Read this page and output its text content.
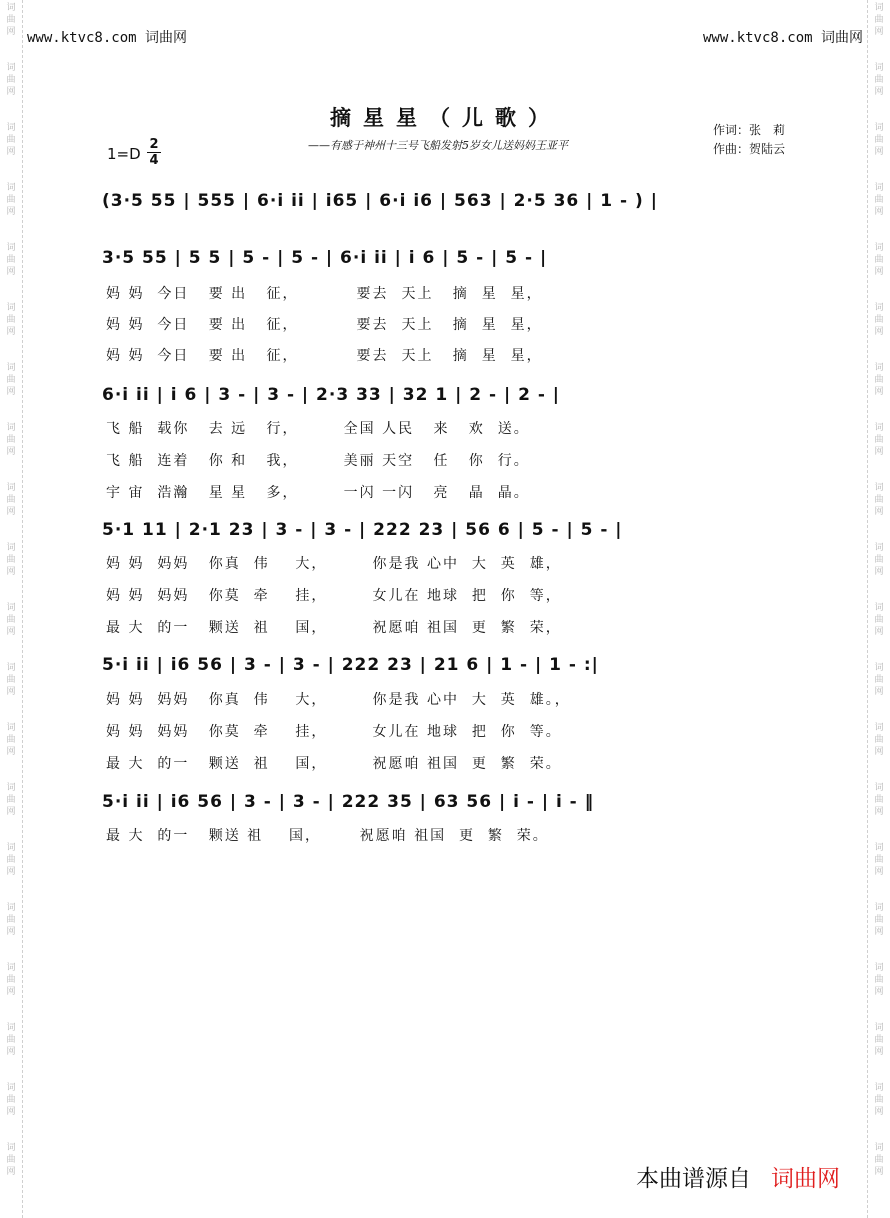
词
曲
网
词
曲
网
词
曲
网
词
曲
网
词
曲
网
词
曲
网
词
曲
网
词
曲
网
词
曲
网
词
曲
网
词
曲
网
词
曲
网
词
曲
网
词
曲
网
词
曲
网
词
曲
网
词
曲
网
词
曲
网
词
曲
网
词
曲
网
词
曲
网
词
曲
网
词
曲
网
词
曲
网
词
曲
网
词
曲
网
词
曲
网
词
曲
网
词
曲
网
词
曲
网
词
曲
网
词
曲
网
词
曲
网
词
曲
网
词
曲
网
词
曲
网
词
曲
网
词
曲
网
词
曲
网
词
曲
网
www.ktvc8.com 词曲网	www.ktvc8.com 词曲网
摘星星（儿歌）
——有感于神州十三号飞船发射5岁女儿送妈妈王亚平
作词：张　莉
作曲：贺陆云
1=D
2
4
(3·5 55 | 555 | 6·i ii | i65 | 6·i i6 | 563 | 2·5 36 | 1 - ) |
3·5 55 | 5 5 | 5 - | 5 - | 6·i ii | i 6 | 5 - | 5 - |
妈 妈  今日   要 出   征，         要去  天上   摘  星  星，
妈 妈  今日   要 出   征，         要去  天上   摘  星  星，
妈 妈  今日   要 出   征，         要去  天上   摘  星  星，
6·i ii | i 6 | 3 - | 3 - | 2·3 33 | 32 1 | 2 - | 2 - |
飞 船  载你   去 远   行，       全国 人民   来   欢  送。
飞 船  连着   你 和   我，       美丽 天空   任   你  行。
宇 宙  浩瀚   星 星   多，       一闪 一闪   亮   晶  晶。
5·1 11 | 2·1 23 | 3 - | 3 - | 222 23 | 56 6 | 5 - | 5 - |
妈 妈  妈妈   你真  伟    大，       你是我 心中  大  英  雄，
妈 妈  妈妈   你莫  牵    挂，       女儿在 地球  把  你  等，
最 大  的一   颗送  祖    国，       祝愿咱 祖国  更  繁  荣，
5·i ii | i6 56 | 3 - | 3 - | 222 23 | 21 6 | 1 - | 1 - :|
妈 妈  妈妈   你真  伟    大，       你是我 心中  大  英  雄。，
妈 妈  妈妈   你莫  牵    挂，       女儿在 地球  把  你  等。
最 大  的一   颗送  祖    国，       祝愿咱 祖国  更  繁  荣。
5·i ii | i6 56 | 3 - | 3 - | 222 35 | 63 56 | i - | i - ‖
最 大  的一   颗送 祖    国，      祝愿咱 祖国  更  繁  荣。
本曲谱源自 词曲网
